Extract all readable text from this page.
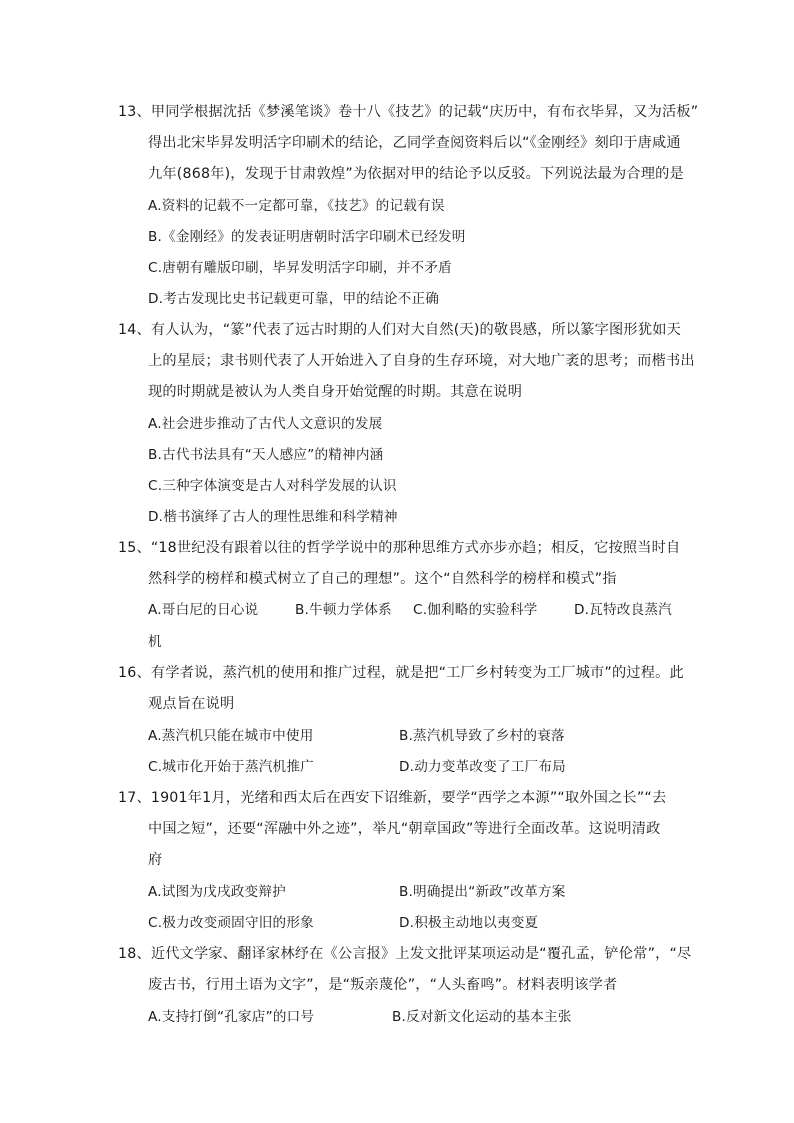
13、甲同学根据沈括《梦溪笔谈》卷十八《技艺》的记载“庆历中，有布衣毕昇，又为活板”
得出北宋毕昇发明活字印刷术的结论，乙同学查阅资料后以“《金刚经》刻印于唐咸通
九年(868年)，发现于甘肃敦煌”为依据对甲的结论予以反驳。下列说法最为合理的是
A.资料的记载不一定都可靠，《技艺》的记载有误
B.《金刚经》的发表证明唐朝时活字印刷术已经发明
C.唐朝有雕版印刷，毕昇发明活字印刷，并不矛盾
D.考古发现比史书记载更可靠，甲的结论不正确
14、有人认为，“篆”代表了远古时期的人们对大自然(天)的敬畏感，所以篆字图形犹如天
上的星辰；隶书则代表了人开始进入了自身的生存环境，对大地广袤的思考；而楷书出
现的时期就是被认为人类自身开始觉醒的时期。其意在说明
A.社会进步推动了古代人文意识的发展
B.古代书法具有“天人感应”的精神内涵
C.三种字体演变是古人对科学发展的认识
D.楷书演绎了古人的理性思维和科学精神
15、“18世纪没有跟着以往的哲学学说中的那种思维方式亦步亦趋；相反，它按照当时自
然科学的榜样和模式树立了自己的理想”。这个“自然科学的榜样和模式”指
A.哥白尼的日心说	B.牛顿力学体系 C.伽利略的实验科学	D.瓦特改良蒸汽
机
16、有学者说，蒸汽机的使用和推广过程，就是把“工厂乡村转变为工厂城市”的过程。此
观点旨在说明
A.蒸汽机只能在城市中使用	B.蒸汽机导致了乡村的衰落
C.城市化开始于蒸汽机推广	D.动力变革改变了工厂布局
17、1901年1月，光绪和西太后在西安下诏维新，要学“西学之本源”“取外国之长”“去
中国之短”，还要“浑融中外之迹”，举凡“朝章国政”等进行全面改革。这说明清政
府
A.试图为戊戌政变辩护	B.明确提出“新政”改革方案
C.极力改变顽固守旧的形象	D.积极主动地以夷变夏
18、近代文学家、翻译家林纾在《公言报》上发文批评某项运动是“覆孔孟，铲伦常”，“尽
废古书，行用土语为文字”，是“叛亲蔑伦”，“人头畜鸣”。材料表明该学者
A.支持打倒“孔家店”的口号	B.反对新文化运动的基本主张
